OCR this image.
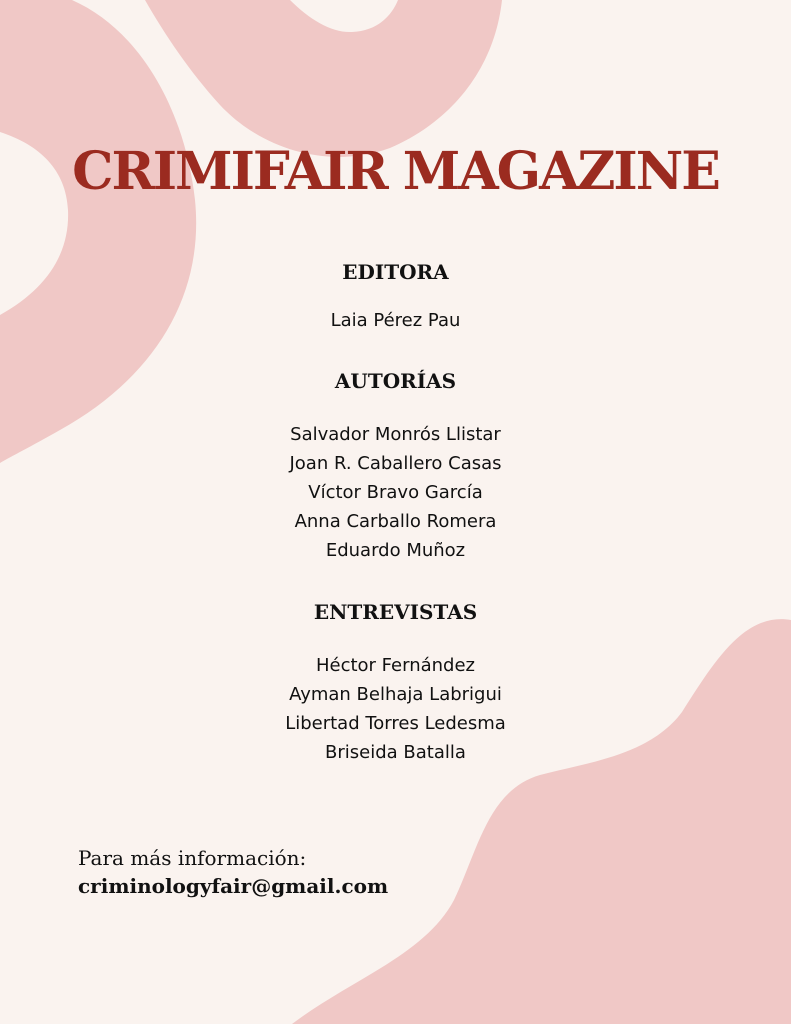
CRIMIFAIR MAGAZINE
EDITORA
Laia Pérez Pau
AUTORÍAS
Salvador Monrós Llistar
Joan R. Caballero Casas
Víctor Bravo García
Anna Carballo Romera
Eduardo Muñoz
ENTREVISTAS
Héctor Fernández
Ayman Belhaja Labrigui
Libertad Torres Ledesma
Briseida Batalla
Para más información:
criminologyfair@gmail.com
